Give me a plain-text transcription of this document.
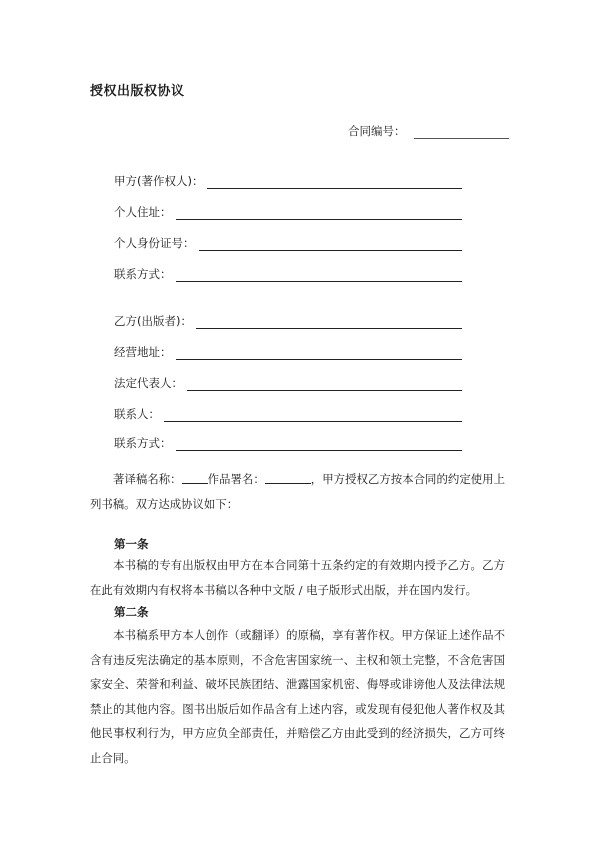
授权出版权协议
合同编号：
甲方(著作权人)：
个人住址：
个人身份证号：
联系方式：
乙方(出版者)：
经营地址：
法定代表人：
联系人：
联系方式：
著译稿名称： 作品署名：	，甲方授权乙方按本合同的约定使用上列书稿。双方达成协议如下：
第一条
本书稿的专有出版权由甲方在本合同第十五条约定的有效期内授予乙方。乙方在此有效期内有权将本书稿以各种中文版 / 电子版形式出版，并在国内发行。
第二条
本书稿系甲方本人创作（或翻译）的原稿，享有著作权。甲方保证上述作品不含有违反宪法确定的基本原则，不含危害国家统一、主权和领土完整，不含危害国家安全、荣誉和利益、破坏民族团结、泄露国家机密、侮辱或诽谤他人及法律法规禁止的其他内容。图书出版后如作品含有上述内容，或发现有侵犯他人著作权及其他民事权利行为，甲方应负全部责任，并赔偿乙方由此受到的经济损失，乙方可终止合同。
